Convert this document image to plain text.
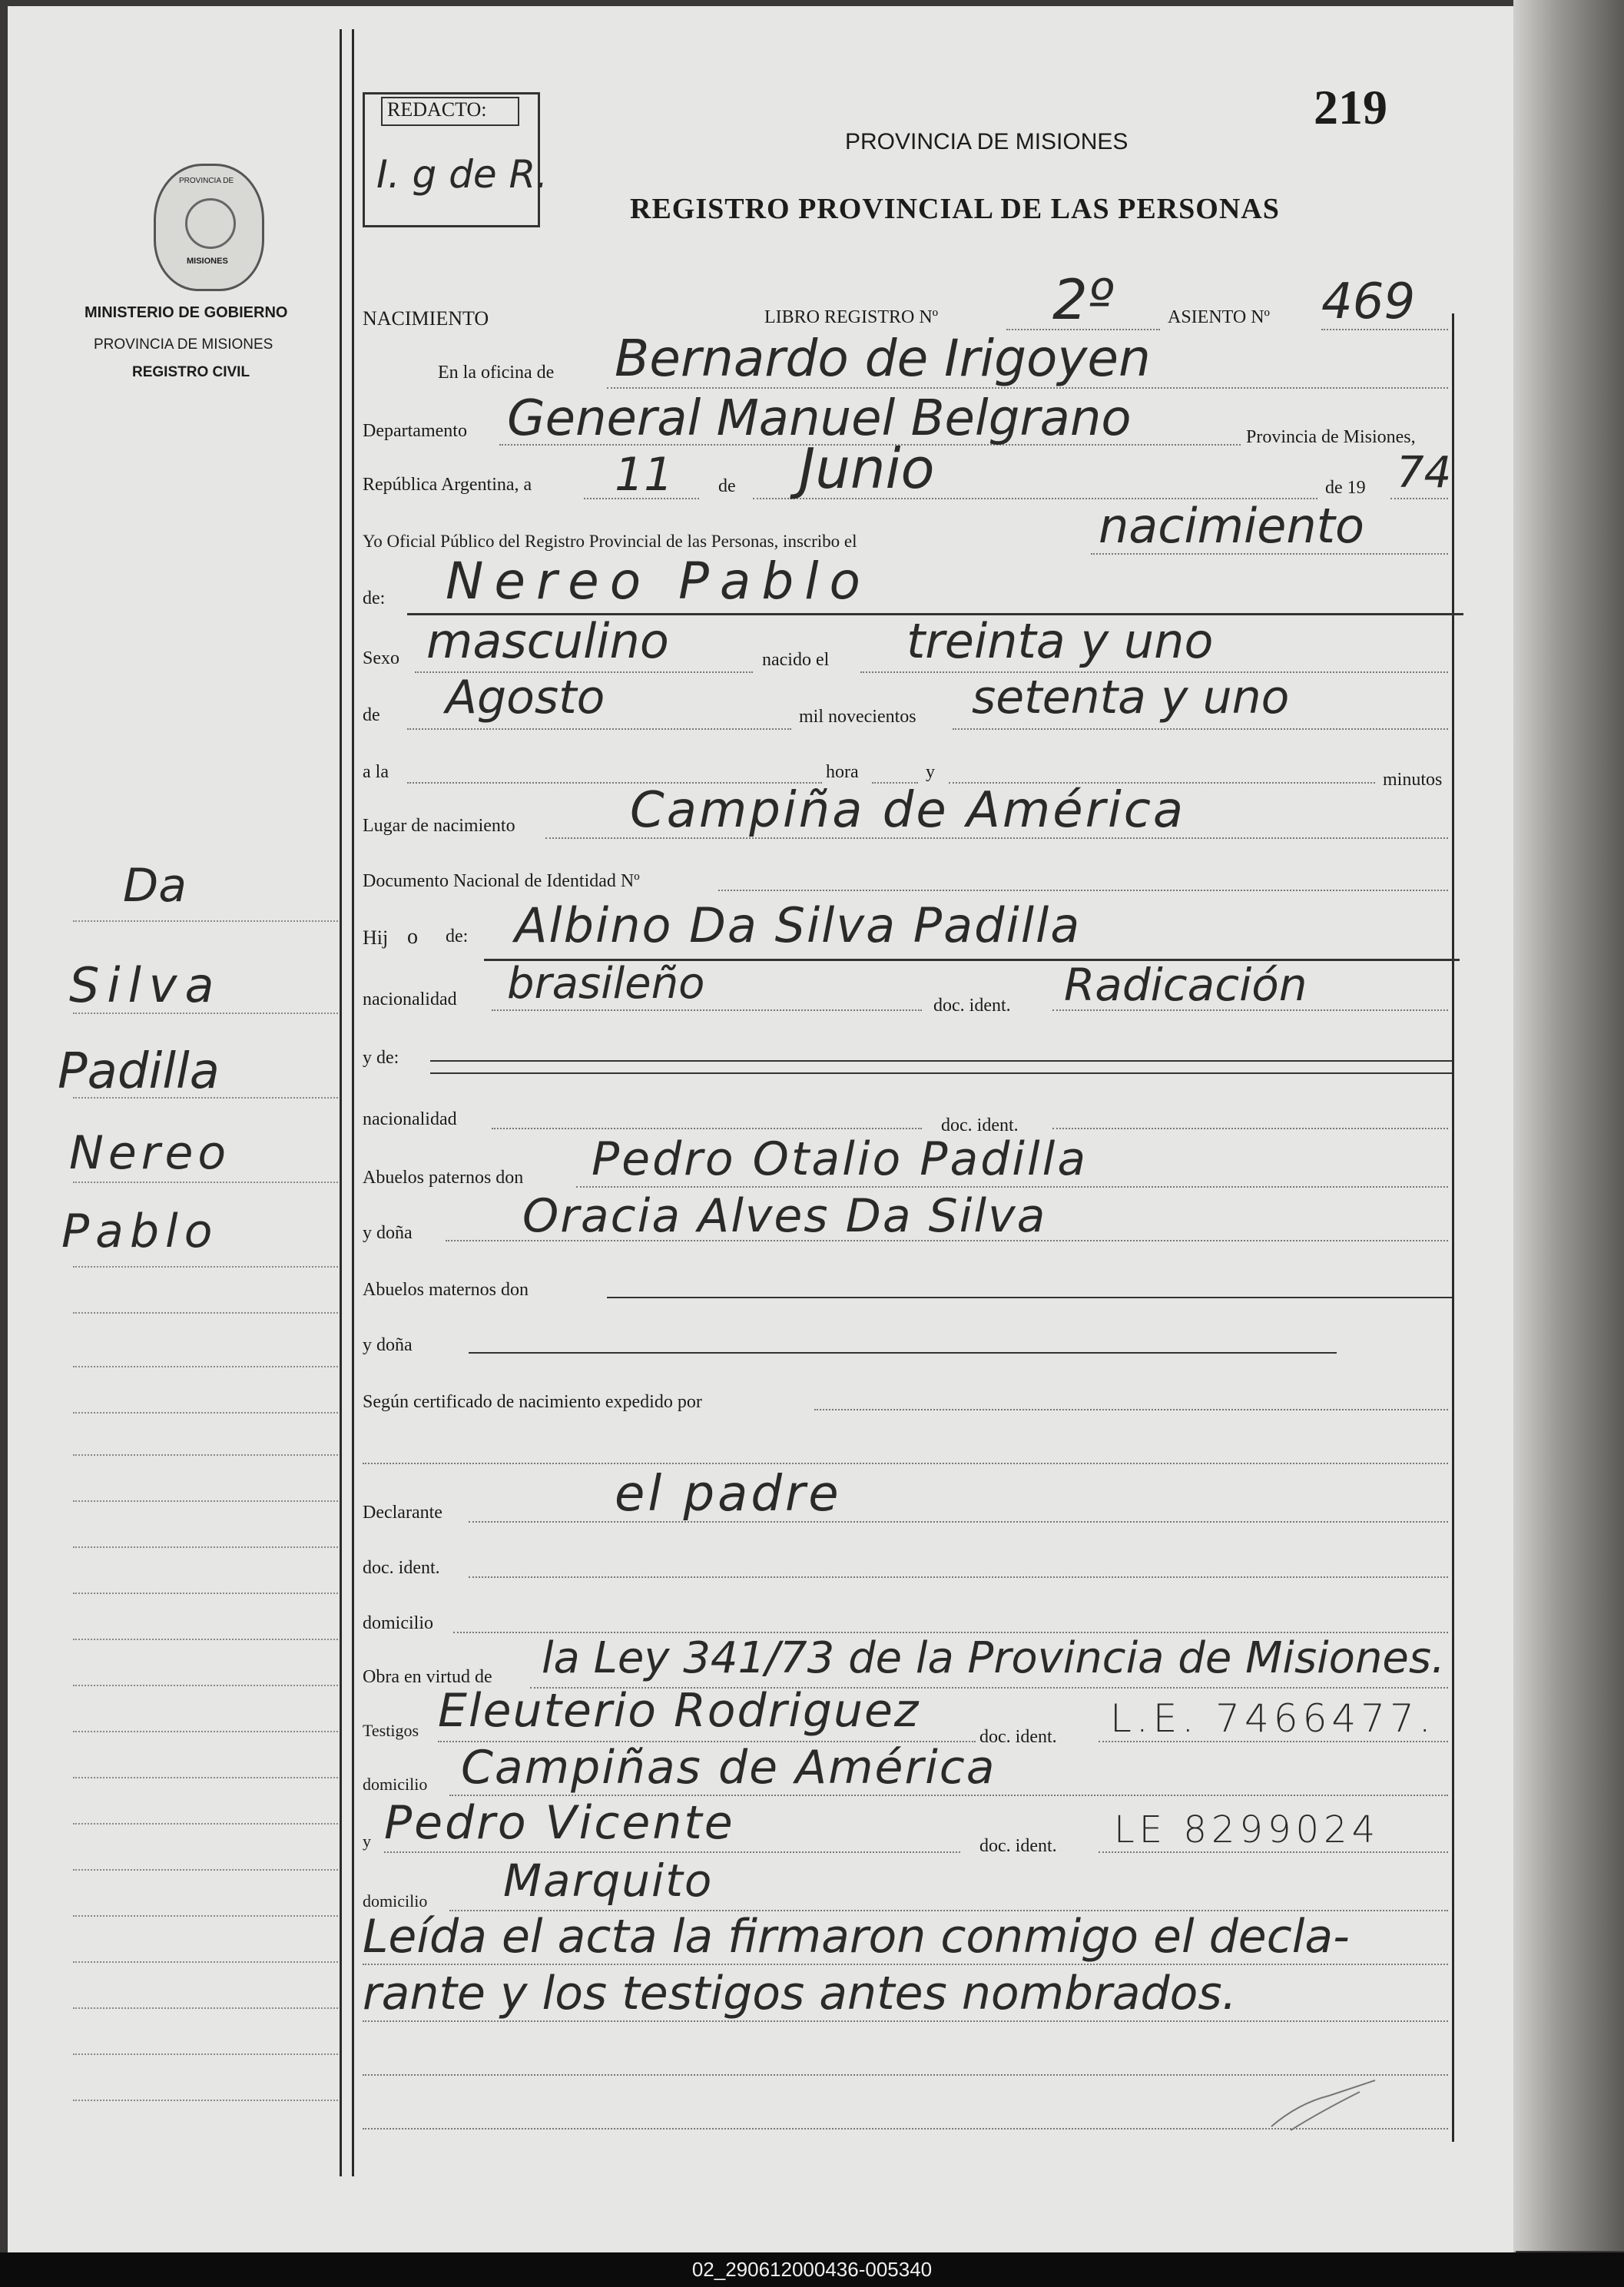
PROVINCIA DE
MISIONES
MINISTERIO DE GOBIERNO
PROVINCIA DE MISIONES
REGISTRO CIVIL
Da
Silva
Padilla
Nereo
Pablo
REDACTO:
I. g de R.
219
PROVINCIA DE MISIONES
REGISTRO PROVINCIAL DE LAS PERSONAS
NACIMIENTO	LIBRO REGISTRO Nº 2º	ASIENTO Nº 469
En la oficina de Bernardo de Irigoyen
Departamento General Manuel Belgrano	Provincia de Misiones,
República Argentina, a 11 de Junio	de 19 74
Yo Oficial Público del Registro Provincial de las Personas, inscribo el	nacimiento
de: Nereo Pablo
Sexo masculino	nacido el treinta y uno
de Agosto	mil novecientos setenta y uno
a la	hora	y	minutos
Lugar de nacimiento Campiña de América
Documento Nacional de Identidad Nº
Hij o de: Albino Da Silva Padilla
nacionalidad brasileño	doc. ident. Radicación
y de:
nacionalidad	doc. ident.
Abuelos paternos don Pedro Otalio Padilla
y doña Oracia Alves Da Silva
Abuelos maternos don
y doña
Según certificado de nacimiento expedido por
Declarante	el padre
doc. ident.
domicilio
Obra en virtud de la Ley 341/73 de la Provincia de Misiones.
Testigos Eleuterio Rodriguez	doc. ident. L.E. 7466477.
domicilio Campiñas de América
y Pedro Vicente	doc. ident. LE 8299024
domicilio Marquito
Leída el acta la firmaron conmigo el decla-
rante y los testigos antes nombrados.
02_290612000436-005340
